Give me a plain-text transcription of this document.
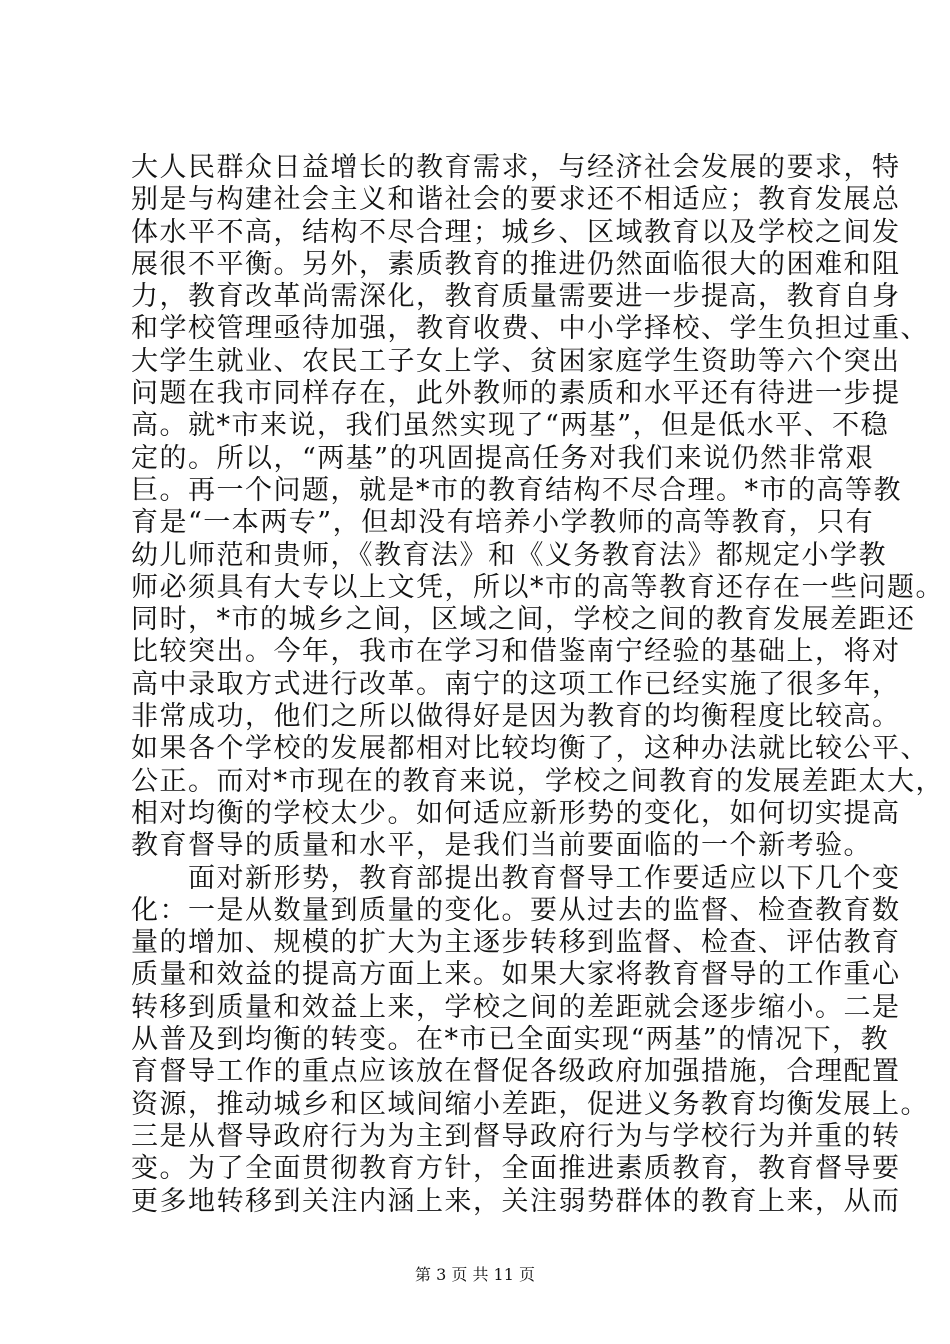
大人民群众日益增长的教育需求，与经济社会发展的要求，特
别是与构建社会主义和谐社会的要求还不相适应；教育发展总
体水平不高，结构不尽合理；城乡、区域教育以及学校之间发
展很不平衡。另外，素质教育的推进仍然面临很大的困难和阻
力，教育改革尚需深化，教育质量需要进一步提高，教育自身
和学校管理亟待加强，教育收费、中小学择校、学生负担过重、
大学生就业、农民工子女上学、贫困家庭学生资助等六个突出
问题在我市同样存在，此外教师的素质和水平还有待进一步提
高。就*市来说，我们虽然实现了“两基”，但是低水平、不稳
定的。所以，“两基”的巩固提高任务对我们来说仍然非常艰
巨。再一个问题，就是*市的教育结构不尽合理。*市的高等教
育是“一本两专”，但却没有培养小学教师的高等教育，只有
幼儿师范和贵师，《教育法》和《义务教育法》都规定小学教
师必须具有大专以上文凭，所以*市的高等教育还存在一些问题。
同时，*市的城乡之间，区域之间，学校之间的教育发展差距还
比较突出。今年，我市在学习和借鉴南宁经验的基础上，将对
高中录取方式进行改革。南宁的这项工作已经实施了很多年，
非常成功，他们之所以做得好是因为教育的均衡程度比较高。
如果各个学校的发展都相对比较均衡了，这种办法就比较公平、
公正。而对*市现在的教育来说，学校之间教育的发展差距太大，
相对均衡的学校太少。如何适应新形势的变化，如何切实提高
教育督导的质量和水平，是我们当前要面临的一个新考验。
　　面对新形势，教育部提出教育督导工作要适应以下几个变
化：一是从数量到质量的变化。要从过去的监督、检查教育数
量的增加、规模的扩大为主逐步转移到监督、检查、评估教育
质量和效益的提高方面上来。如果大家将教育督导的工作重心
转移到质量和效益上来，学校之间的差距就会逐步缩小。二是
从普及到均衡的转变。在*市已全面实现“两基”的情况下，教
育督导工作的重点应该放在督促各级政府加强措施，合理配置
资源，推动城乡和区域间缩小差距，促进义务教育均衡发展上。
三是从督导政府行为为主到督导政府行为与学校行为并重的转
变。为了全面贯彻教育方针，全面推进素质教育，教育督导要
更多地转移到关注内涵上来，关注弱势群体的教育上来，从而
第 3 页 共 11 页
